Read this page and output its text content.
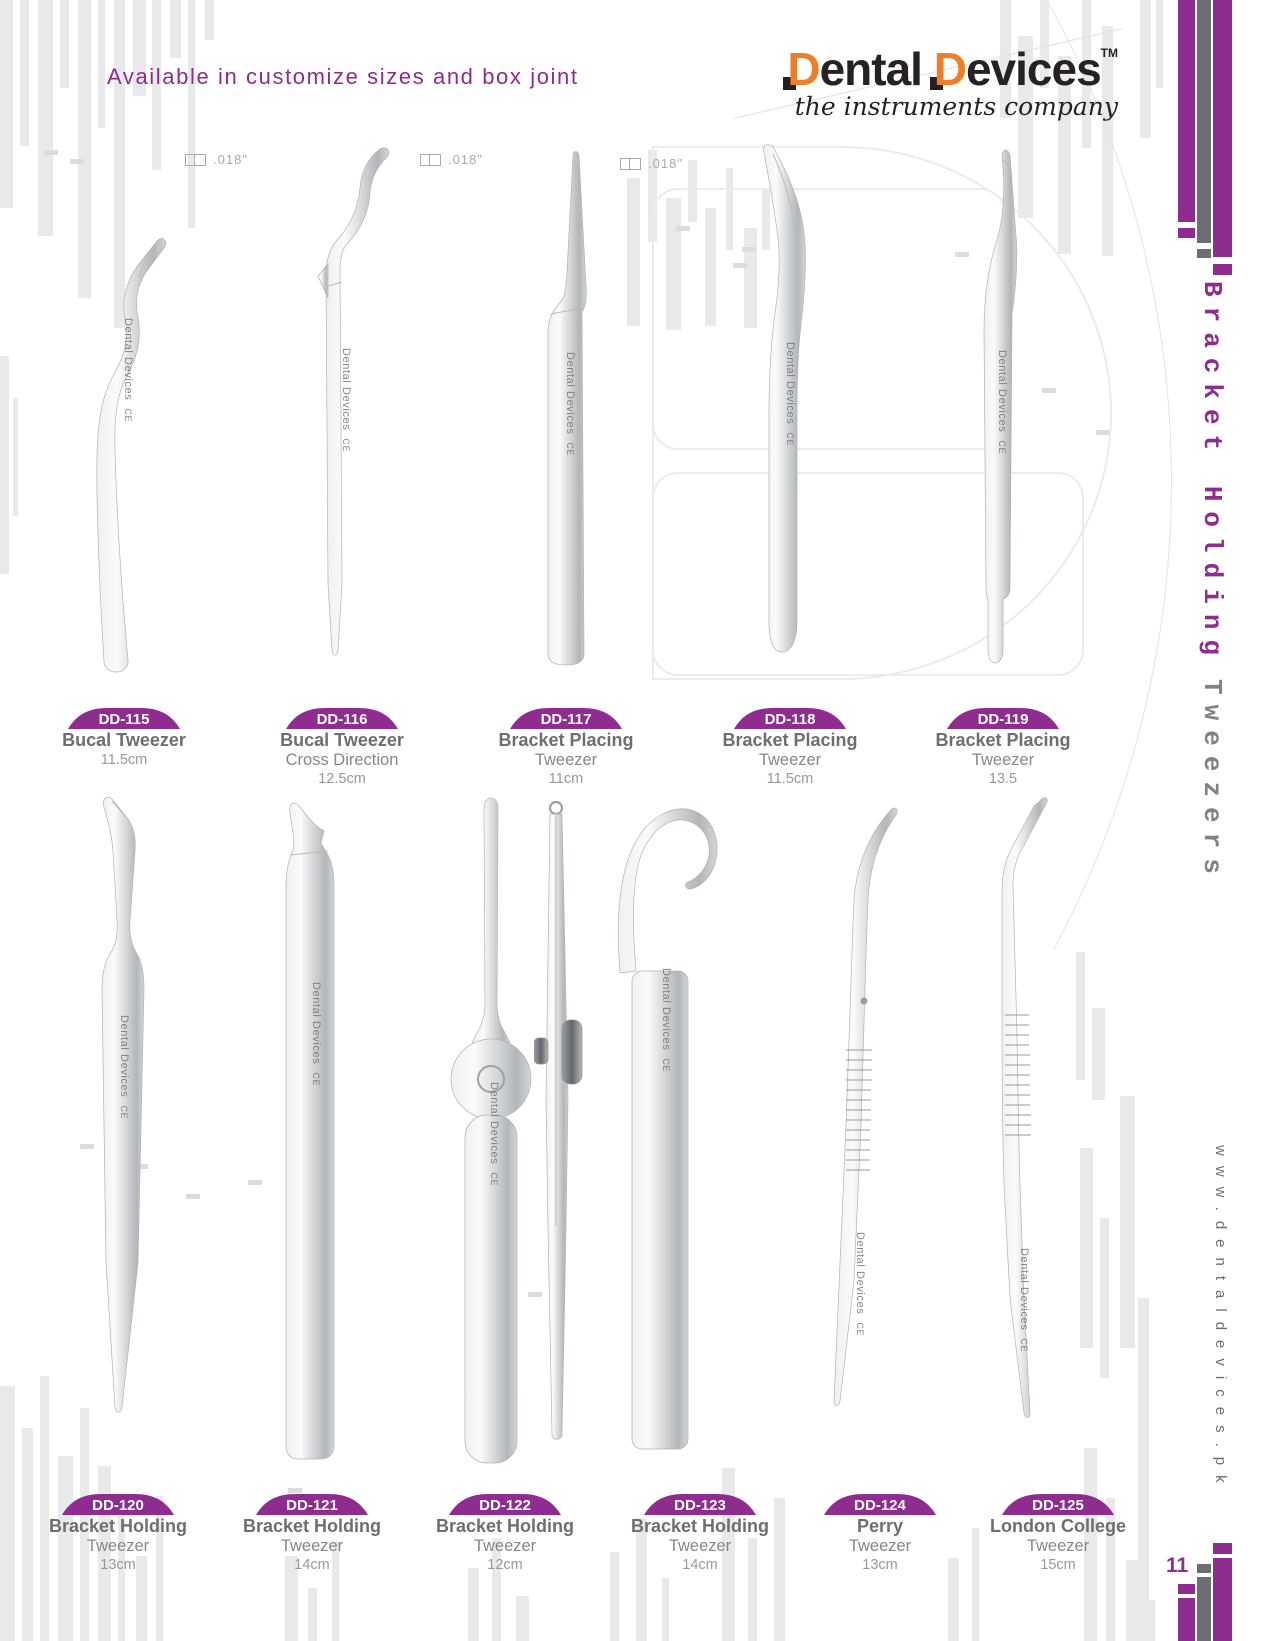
Available in customize sizes and box joint	Dental Devices™
the instruments company
Bracket HoldingTweezers
www.dentaldevices.pk
11
.018"	.018"	.018"
Dental DevicesCE	Dental DevicesCE
Dental DevicesCE
Dental DevicesCE
Dental DevicesCE
Dental DevicesCE
Dental DevicesCE
Dental DevicesCE
Dental DevicesCE
Dental DevicesCE	Dental DevicesCE
DD-115
Bucal Tweezer
11.5cm
DD-116
Bucal Tweezer
Cross Direction
12.5cm
DD-117
Bracket Placing
Tweezer
11cm
DD-118
Bracket Placing
Tweezer
11.5cm
DD-119
Bracket Placing
Tweezer
13.5
DD-120
Bracket Holding
Tweezer
13cm
DD-121
Bracket Holding
Tweezer
14cm
DD-122
Bracket Holding
Tweezer
12cm
DD-123
Bracket Holding
Tweezer
14cm
DD-124
Perry
Tweezer
13cm
DD-125
London College
Tweezer
15cm
